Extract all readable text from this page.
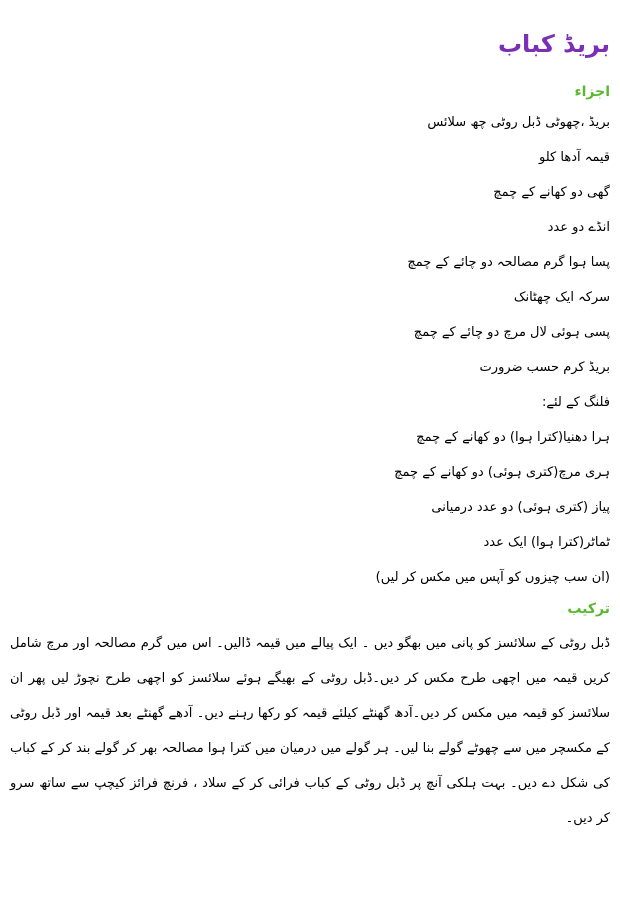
بریڈ کباب
اجزاء

بریڈ ،چھوٹی ڈبل روٹی چھ سلائس

قیمہ آدھا کلو

گھی دو کھانے کے چمچ

انڈے دو عدد

پسا ہوا گرم مصالحہ دو چائے کے چمچ

سرکہ ایک چھٹانک

پسی ہوئی لال مرچ دو چائے کے چمچ

بریڈ کرم حسب ضرورت

فلنگ کے لئے:

ہرا دھنیا(کترا ہوا) دو کھانے کے چمچ

ہری مرچ(کتری ہوئی) دو کھانے کے چمچ

پیاز (کتری ہوئی) دو عدد درمیانی

ٹماٹر(کترا ہوا) ایک عدد

(ان سب چیزوں کو آپس میں مکس کر لیں)

ترکیب

ڈبل روٹی کے سلائسز کو پانی میں بھگو دیں ۔ ایک پیالے میں قیمہ ڈالیں۔ اس میں گرم مصالحہ اور مرچ شامل کریں قیمہ میں اچھی طرح مکس کر دیں۔ڈبل روٹی کے بھیگے ہوئے سلائسز کو اچھی طرح نچوڑ لیں پھر ان سلائسز کو قیمہ میں مکس کر دیں۔آدھ گھنٹے کیلئے قیمہ کو رکھا رہنے دیں۔ آدھے گھنٹے بعد قیمہ اور ڈبل روٹی کے مکسچر میں سے چھوٹے گولے بنا لیں۔ ہر گولے میں درمیان میں کترا ہوا مصالحہ بھر کر گولے بند کر کے کباب کی شکل دے دیں۔ بہت ہلکی آنچ پر ڈبل روٹی کے کباب فرائی کر کے سلاد ، فرنچ فرائز کیچپ سے ساتھ سرو کر دیں۔
